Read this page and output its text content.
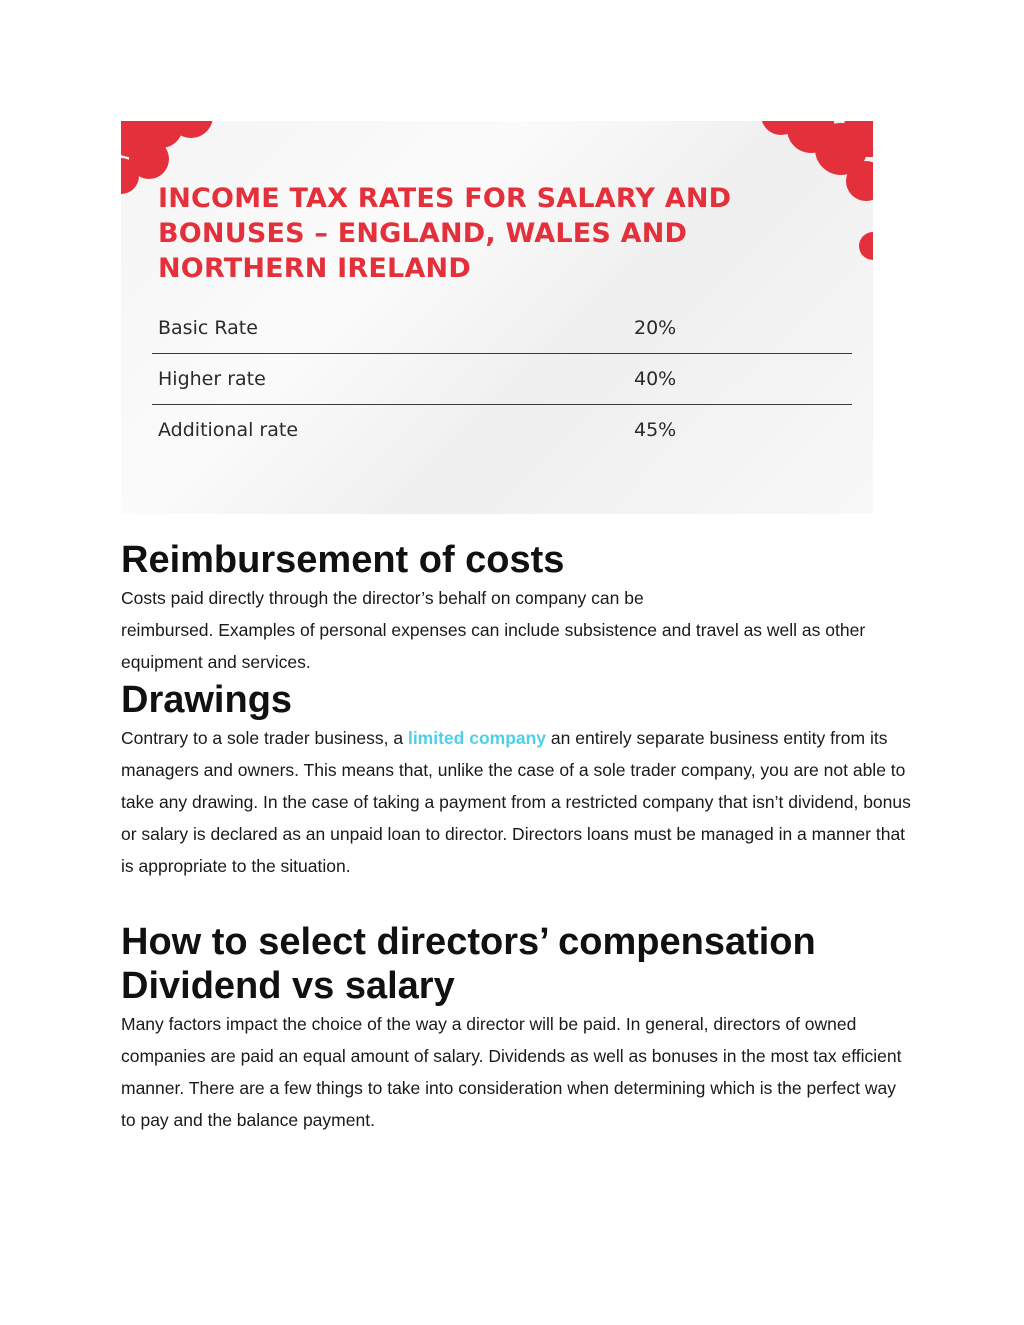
INCOME TAX RATES FOR SALARY AND BONUSES – ENGLAND, WALES AND NORTHERN IRELAND
Basic Rate	20%
Higher rate	40%
Additional rate	45%
Reimbursement of costs

Costs paid directly through the director’s behalf on company can be
reimbursed. Examples of personal expenses can include subsistence and travel as well as other equipment and services.

Drawings

Contrary to a sole trader business, a limited company an entirely separate business entity from its managers and owners. This means that, unlike the case of a sole trader company, you are not able to take any drawing. In the case of taking a payment from a restricted company that isn’t dividend, bonus or salary is declared as an unpaid loan to director. Directors loans must be managed in a manner that is appropriate to the situation.

How to select directors’ compensation Dividend vs salary

Many factors impact the choice of the way a director will be paid. In general, directors of owned companies are paid an equal amount of salary. Dividends as well as bonuses in the most tax efficient manner. There are a few things to take into consideration when determining which is the perfect way to pay and the balance payment.
